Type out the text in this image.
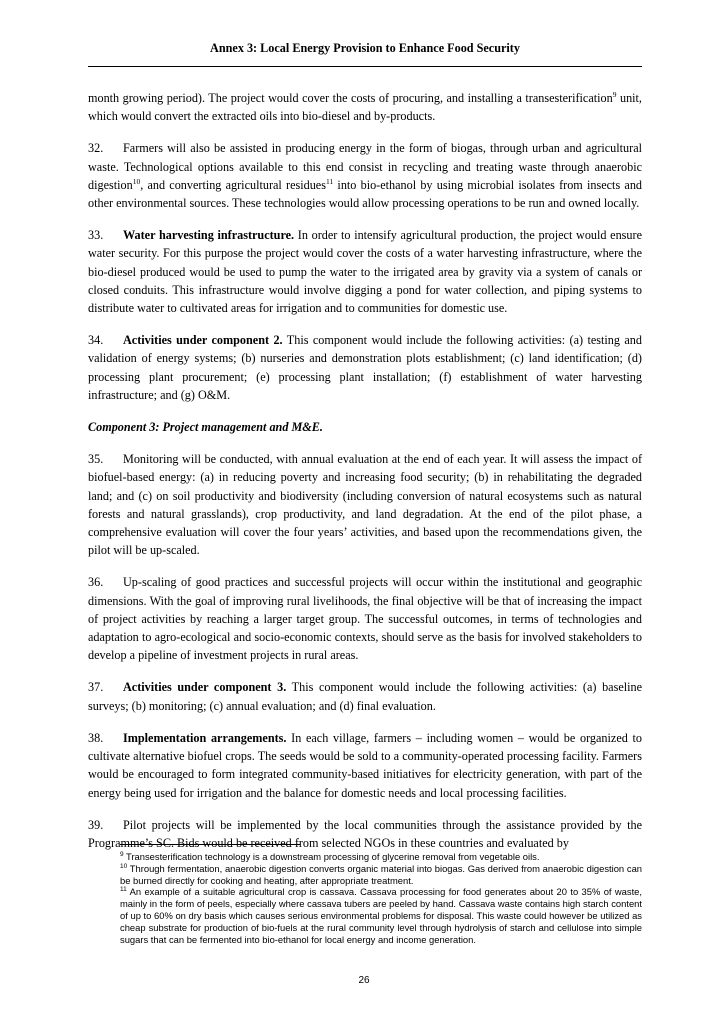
Annex 3: Local Energy Provision to Enhance Food Security

month growing period). The project would cover the costs of procuring, and installing a transesterification$^9$ unit, which would convert the extracted oils into bio-diesel and by-products.

32. Farmers will also be assisted in producing energy in the form of biogas, through urban and agricultural waste. Technological options available to this end consist in recycling and treating waste through anaerobic digestion$^{10}$, and converting agricultural residues$^{11}$ into bio-ethanol by using microbial isolates from insects and other environmental sources. These technologies would allow processing operations to be run and owned locally.

33. Water harvesting infrastructure. In order to intensify agricultural production, the project would ensure water security. For this purpose the project would cover the costs of a water harvesting infrastructure, where the bio-diesel produced would be used to pump the water to the irrigated area by gravity via a system of canals or closed conduits. This infrastructure would involve digging a pond for water collection, and piping systems to distribute water to cultivated areas for irrigation and to communities for domestic use.

34. Activities under component 2. This component would include the following activities: (a) testing and validation of energy systems; (b) nurseries and demonstration plots establishment; (c) land identification; (d) processing plant procurement; (e) processing plant installation; (f) establishment of water harvesting infrastructure; and (g) O&M.

Component 3: Project management and M&E.

35. Monitoring will be conducted, with annual evaluation at the end of each year. It will assess the impact of biofuel-based energy: (a) in reducing poverty and increasing food security; (b) in rehabilitating the degraded land; and (c) on soil productivity and biodiversity (including conversion of natural ecosystems such as natural forests and natural grasslands), crop productivity, and land degradation. At the end of the pilot phase, a comprehensive evaluation will cover the four years’ activities, and based upon the recommendations given, the pilot will be up-scaled.

36. Up-scaling of good practices and successful projects will occur within the institutional and geographic dimensions. With the goal of improving rural livelihoods, the final objective will be that of increasing the impact of project activities by reaching a larger target group. The successful outcomes, in terms of technologies and adaptation to agro-ecological and socio-economic contexts, should serve as the basis for involved stakeholders to develop a pipeline of investment projects in rural areas.

37. Activities under component 3. This component would include the following activities: (a) baseline surveys; (b) monitoring; (c) annual evaluation; and (d) final evaluation.

38. Implementation arrangements. In each village, farmers – including women – would be organized to cultivate alternative biofuel crops. The seeds would be sold to a community-operated processing facility. Farmers would be encouraged to form integrated community-based initiatives for electricity generation, with part of the energy being used for irrigation and the balance for domestic needs and local processing facilities.

39. Pilot projects will be implemented by the local communities through the assistance provided by the Programme’s SC. Bids would be received from selected NGOs in these countries and evaluated by

$^9$ Transesterification technology is a downstream processing of glycerine removal from vegetable oils.

$^{10}$ Through fermentation, anaerobic digestion converts organic material into biogas. Gas derived from anaerobic digestion can be burned directly for cooking and heating, after appropriate treatment.

$^{11}$ An example of a suitable agricultural crop is cassava. Cassava processing for food generates about 20 to 35% of waste, mainly in the form of peels, especially where cassava tubers are peeled by hand. Cassava waste contains high starch content of up to 60% on dry basis which causes serious environmental problems for disposal. This waste could however be utilized as cheap substrate for production of bio-fuels at the rural community level through hydrolysis of starch and cellulose into simple sugars that can be fermented into bio-ethanol for local energy and income generation.

26
